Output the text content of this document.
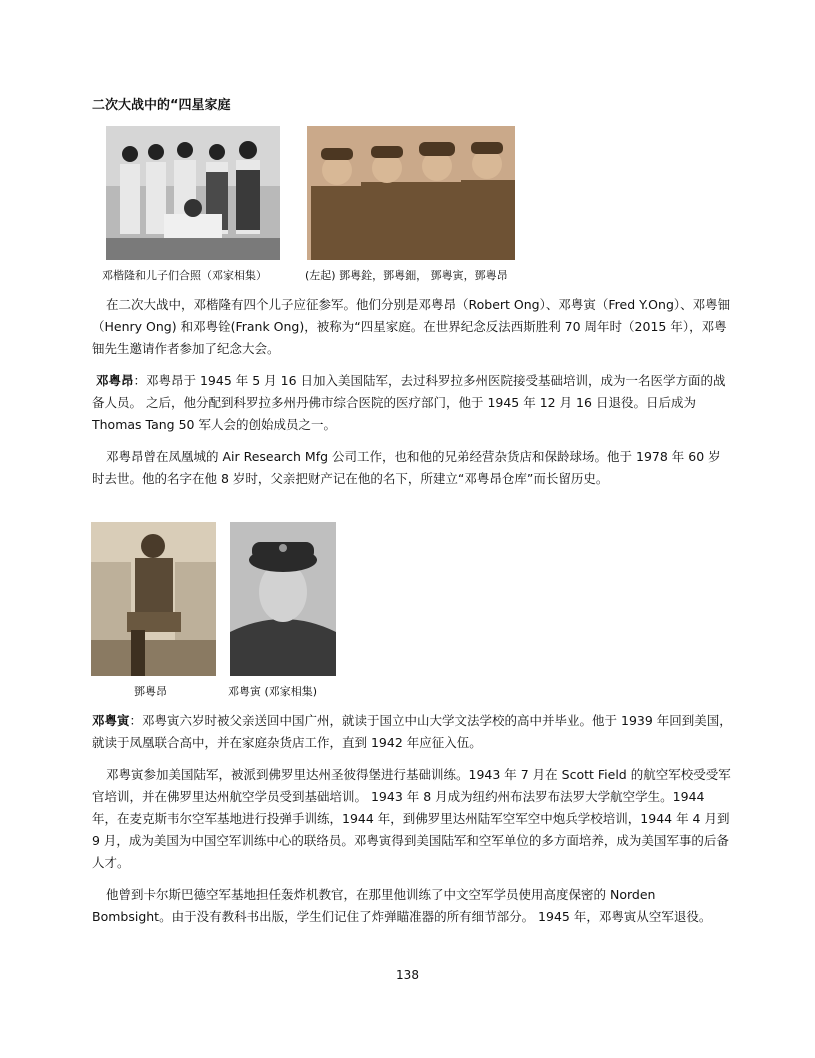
二次大战中的“四星家庭
邓楷隆和儿子们合照（邓家相集）	(左起) 鄧粵銓，鄧粵鈿， 鄧粵寅，鄧粵昂
在二次大战中，邓楷隆有四个儿子应征参军。他们分别是邓粤昂（Robert Ong）、邓粤寅（Fred Y.Ong）、邓粤钿（Henry Ong) 和邓粤铨(Frank Ong)，被称为“四星家庭。在世界纪念反法西斯胜利 70 周年时（2015 年），邓粤钿先生邀请作者参加了纪念大会。
邓粤昂：邓粤昂于 1945 年 5 月 16 日加入美国陆军，去过科罗拉多州医院接受基础培训，成为一名医学方面的战备人员。 之后，他分配到科罗拉多州丹佛市综合医院的医疗部门，他于 1945 年 12 月 16 日退役。日后成为 Thomas Tang 50 军人会的创始成员之一。
邓粤昂曾在凤凰城的 Air Research Mfg 公司工作，也和他的兄弟经营杂货店和保龄球场。他于 1978 年 60 岁时去世。他的名字在他 8 岁时，父亲把财产记在他的名下，所建立“邓粤昂仓库”而长留历史。
鄧粵昂	邓粤寅 (邓家相集)
邓粤寅：邓粤寅六岁时被父亲送回中国广州，就读于国立中山大学文法学校的高中并毕业。他于 1939 年回到美国，就读于凤凰联合高中，并在家庭杂货店工作，直到 1942 年应征入伍。
邓粤寅参加美国陆军，被派到佛罗里达州圣彼得堡进行基础训练。1943 年 7 月在 Scott Field 的航空军校受受军官培训，并在佛罗里达州航空学员受到基础培训。 1943 年 8 月成为纽约州布法罗布法罗大学航空学生。1944 年，在麦克斯韦尔空军基地进行投弹手训练，1944 年，到佛罗里达州陆军空军空中炮兵学校培训，1944 年 4 月到 9 月，成为美国为中国空军训练中心的联络员。邓粤寅得到美国陆军和空军单位的多方面培养，成为美国军事的后备人才。
他曾到卡尔斯巴德空军基地担任轰炸机教官，在那里他训练了中文空军学员使用高度保密的 Norden Bombsight。由于没有教科书出版，学生们记住了炸弹瞄准器的所有细节部分。 1945 年，邓粤寅从空军退役。
138
